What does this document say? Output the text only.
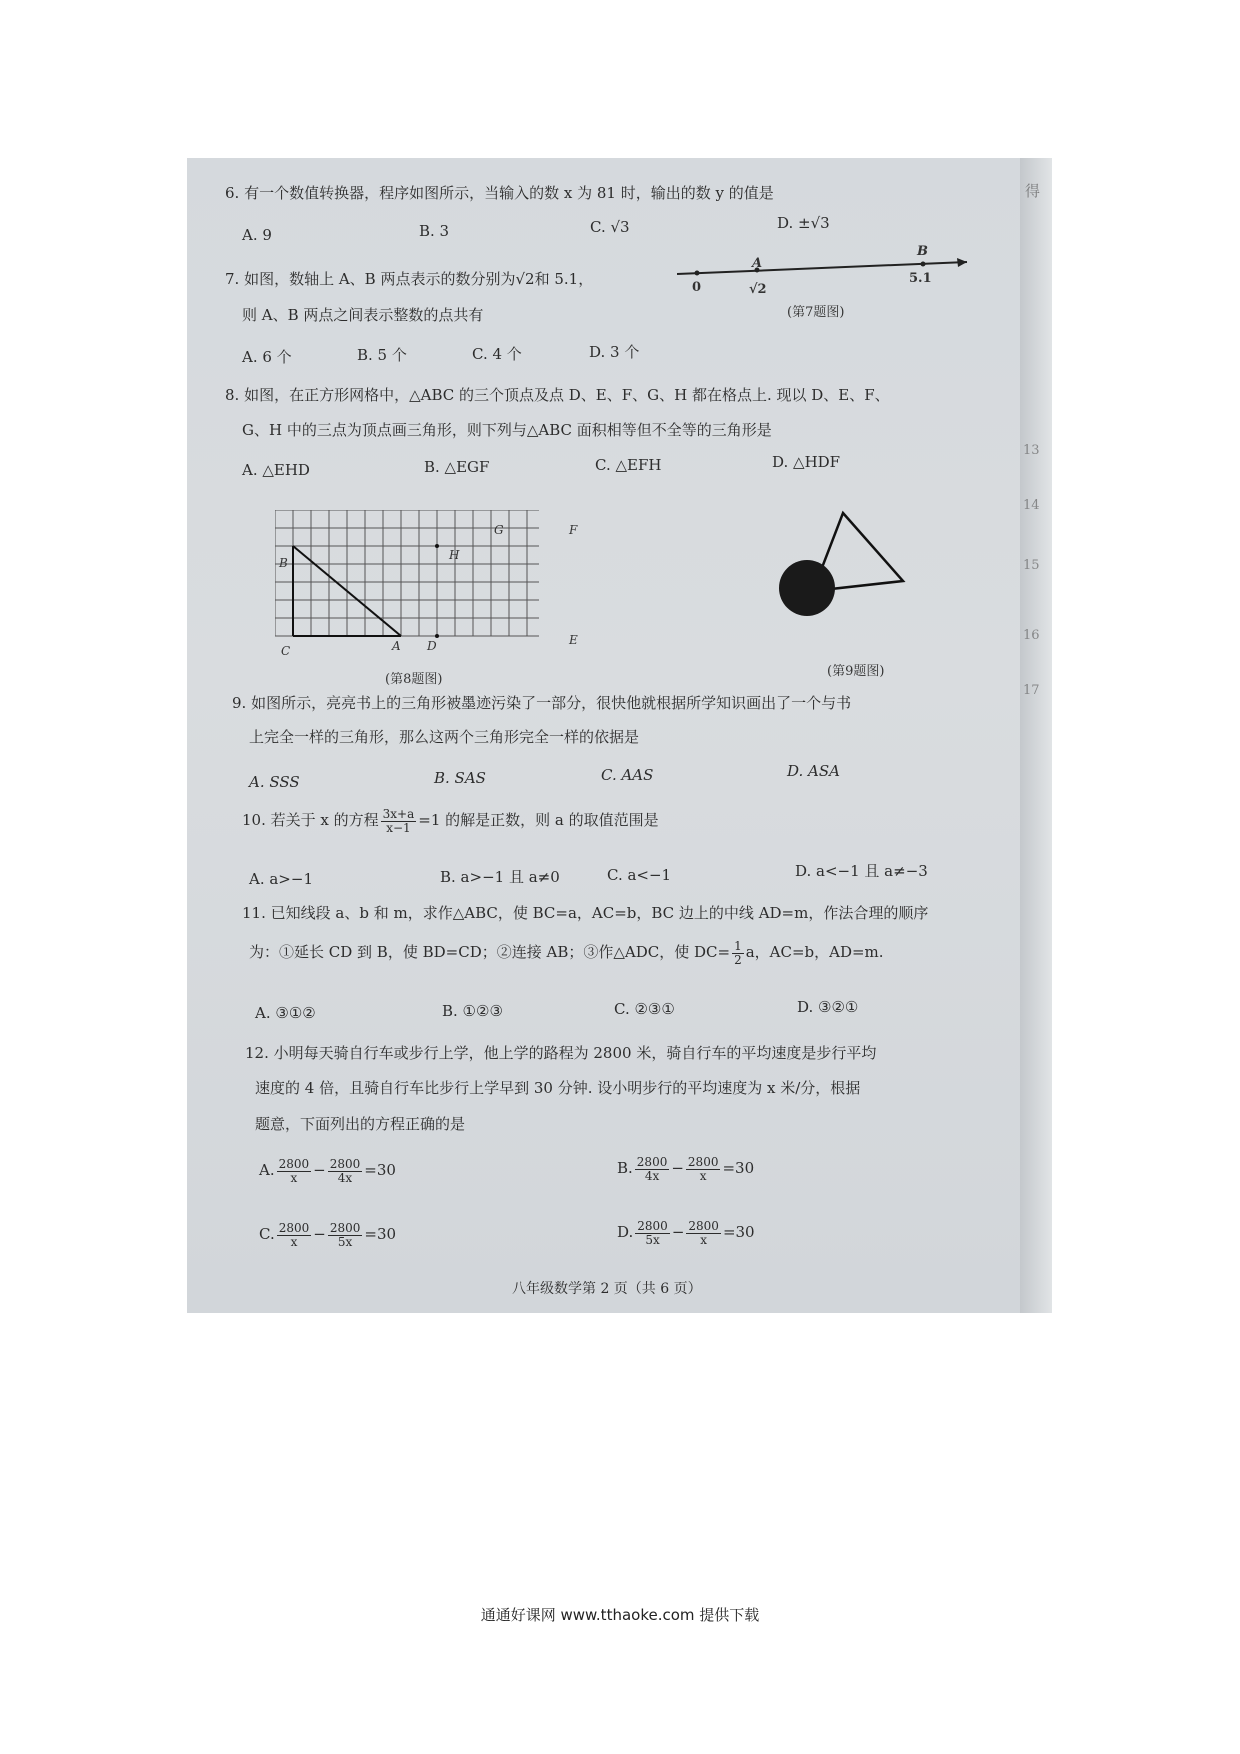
得
13
14
15
16
17
6. 有一个数值转换器，程序如图所示，当输入的数 x 为 81 时，输出的数 y 的值是
A. 9	B. 3	C. √3	D. ±√3
7. 如图，数轴上 A、B 两点表示的数分别为√2和 5.1，
则 A、B 两点之间表示整数的点共有
A. 6 个	B. 5 个	C. 4 个	D. 3 个
0
A
√2
B
5.1
(第7题图)
8. 如图，在正方形网格中，△ABC 的三个顶点及点 D、E、F、G、H 都在格点上. 现以 D、E、F、
G、H 中的三点为顶点画三角形，则下列与△ABC 面积相等但不全等的三角形是
A. △EHD	B. △EGF	C. △EFH	D. △HDF
G	F
B
H
C	A D	E
(第8题图)
(第9题图)
9. 如图所示，亮亮书上的三角形被墨迹污染了一部分，很快他就根据所学知识画出了一个与书
上完全一样的三角形，那么这两个三角形完全一样的依据是
A. SSS	B. SAS	C. AAS	D. ASA
10. 若关于 x 的方程 $\frac{3x+a}{x-1} =1$ 的解是正数，则 a 的取值范围是
A. a>−1	B. a>−1 且 a≠0	C. a<−1	D. a<−1 且 a≠−3
11. 已知线段 a、b 和 m，求作△ABC，使 BC=a，AC=b，BC 边上的中线 AD=m，作法合理的顺序
为：①延长 CD 到 B，使 BD=CD；②连接 AB；③作△ADC，使 $DC= \frac{1}{2}$ a，AC=b，AD=m.
A. ③①②	B. ①②③	C. ②③①	D. ③②①
12. 小明每天骑自行车或步行上学，他上学的路程为 2800 米，骑自行车的平均速度是步行平均
速度的 4 倍，且骑自行车比步行上学早到 30 分钟. 设小明步行的平均速度为 x 米/分，根据
题意，下面列出的方程正确的是
A. $\frac{2800}{x} - \frac{2800}{4x} =30$	B. $\frac{2800}{4x} - \frac{2800}{x} =30$
C. $\frac{2800}{x} - \frac{2800}{5x} =30$	D. $\frac{2800}{5x} - \frac{2800}{x} =30$
八年级数学第 2 页（共 6 页）
通通好课网 www.tthaoke.com 提供下载
